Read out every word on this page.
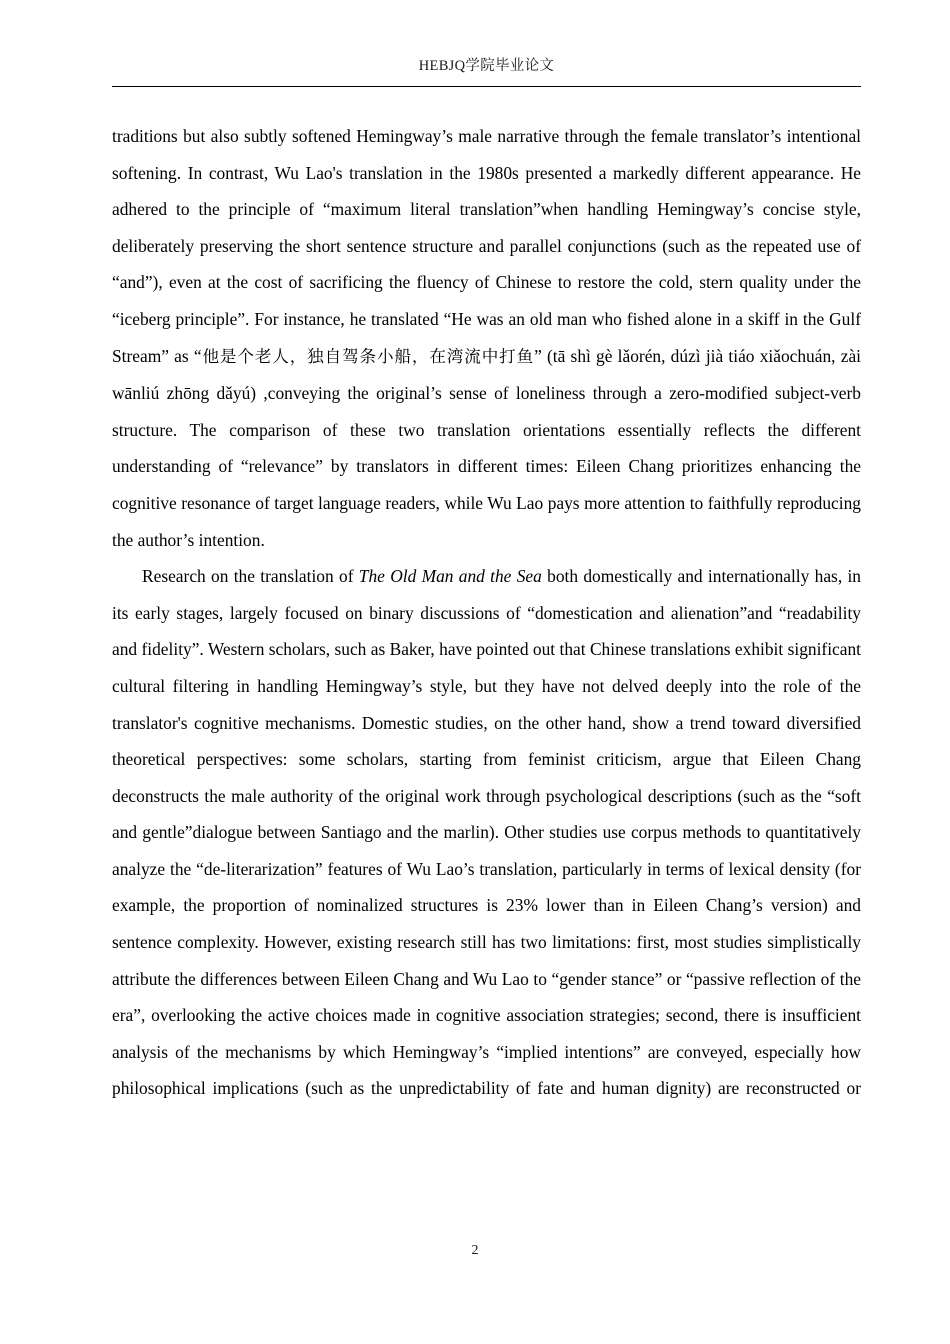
HEBJQ学院毕业论文

traditions but also subtly softened Hemingway’s male narrative through the female translator’s intentional softening. In contrast, Wu Lao's translation in the 1980s presented a markedly different appearance. He adhered to the principle of “maximum literal translation”when handling Hemingway’s concise style, deliberately preserving the short sentence structure and parallel conjunctions (such as the repeated use of “and”), even at the cost of sacrificing the fluency of Chinese to restore the cold, stern quality under the “iceberg principle”. For instance, he translated “He was an old man who fished alone in a skiff in the Gulf Stream” as “他是个老人，独自驾条小船，在湾流中打鱼” (tā shì gè lǎorén, dúzì jià tiáo xiǎochuán, zài wānliú zhōng dǎyú) ,conveying the original’s sense of loneliness through a zero-modified subject-verb structure. The comparison of these two translation orientations essentially reflects the different understanding of “relevance” by translators in different times: Eileen Chang prioritizes enhancing the cognitive resonance of target language readers, while Wu Lao pays more attention to faithfully reproducing the author’s intention.

Research on the translation of The Old Man and the Sea both domestically and internationally has, in its early stages, largely focused on binary discussions of “domestication and alienation”and “readability and fidelity”. Western scholars, such as Baker, have pointed out that Chinese translations exhibit significant cultural filtering in handling Hemingway’s style, but they have not delved deeply into the role of the translator's cognitive mechanisms. Domestic studies, on the other hand, show a trend toward diversified theoretical perspectives: some scholars, starting from feminist criticism, argue that Eileen Chang deconstructs the male authority of the original work through psychological descriptions (such as the “soft and gentle”dialogue between Santiago and the marlin). Other studies use corpus methods to quantitatively analyze the “de-literarization” features of Wu Lao’s translation, particularly in terms of lexical density (for example, the proportion of nominalized structures is 23% lower than in Eileen Chang’s version) and sentence complexity. However, existing research still has two limitations: first, most studies simplistically attribute the differences between Eileen Chang and Wu Lao to “gender stance” or “passive reflection of the era”, overlooking the active choices made in cognitive association strategies; second, there is insufficient analysis of the mechanisms by which Hemingway’s “implied intentions” are conveyed, especially how philosophical implications (such as the unpredictability of fate and human dignity) are reconstructed or

2
